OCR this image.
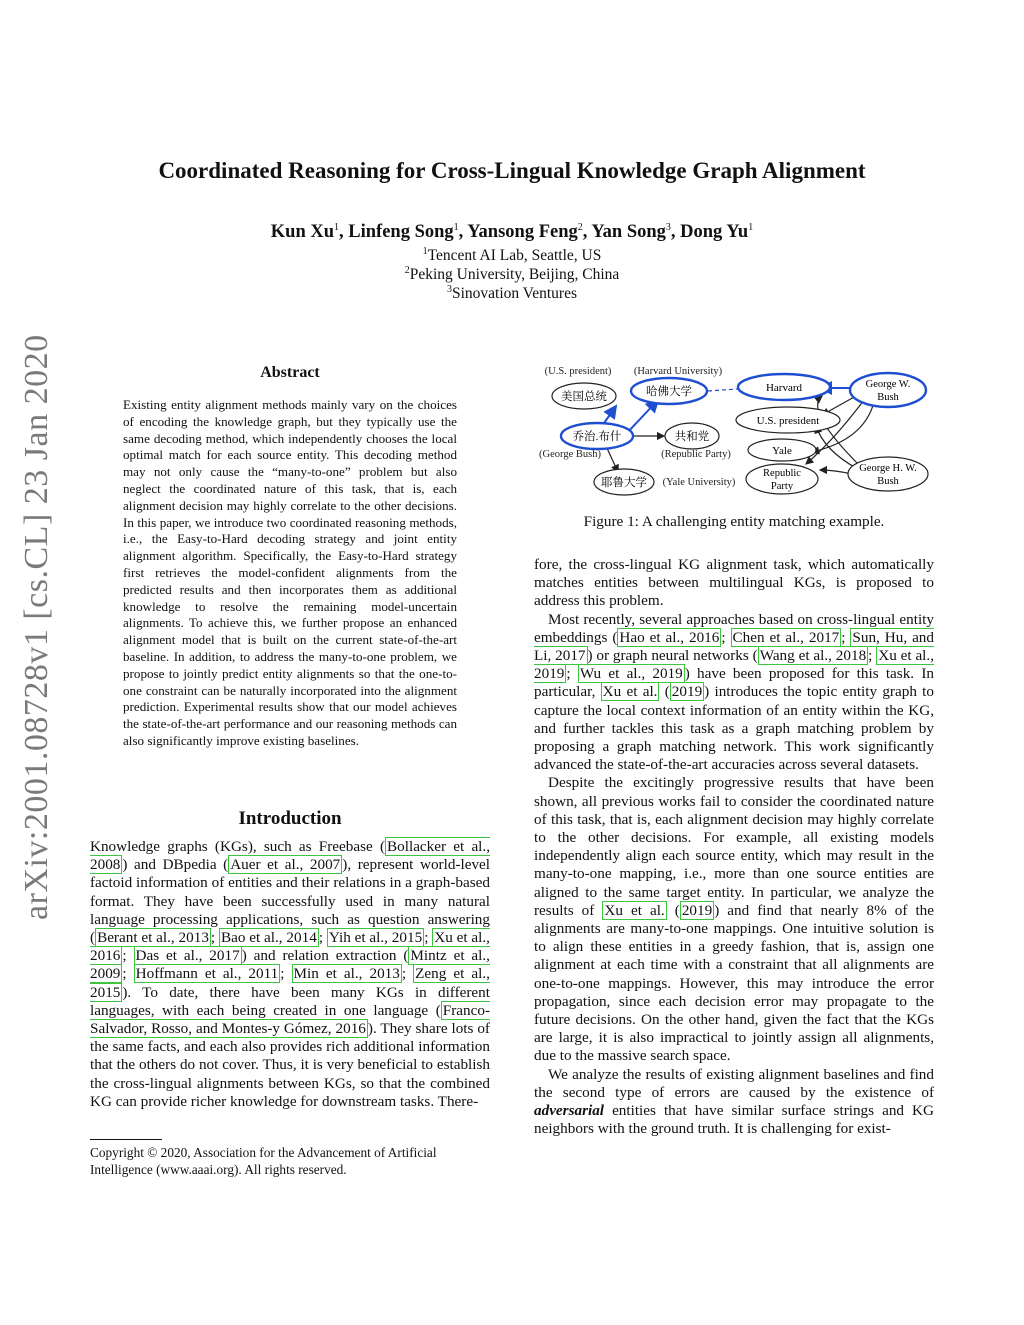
arXiv:2001.08728v1 [cs.CL] 23 Jan 2020
Coordinated Reasoning for Cross-Lingual Knowledge Graph Alignment
Kun Xu$^1$, Linfeng Song$^1$, Yansong Feng$^2$, Yan Song$^3$, Dong Yu$^1$
$^1$Tencent AI Lab, Seattle, US
$^2$Peking University, Beijing, China
$^3$Sinovation Ventures
Abstract
Existing entity alignment methods mainly vary on the choices of encoding the knowledge graph, but they typically use the same decoding method, which independently chooses the local optimal match for each source entity. This decoding method may not only cause the “many-to-one” problem but also neglect the coordinated nature of this task, that is, each alignment decision may highly correlate to the other decisions. In this paper, we introduce two coordinated reasoning methods, i.e., the Easy-to-Hard decoding strategy and joint entity alignment algorithm. Specifically, the Easy-to-Hard strategy first retrieves the model-confident alignments from the predicted results and then incorporates them as additional knowledge to resolve the remaining model-uncertain alignments. To achieve this, we further propose an enhanced alignment model that is built on the current state-of-the-art baseline. In addition, to address the many-to-one problem, we propose to jointly predict entity alignments so that the one-to-one constraint can be naturally incorporated into the alignment prediction. Experimental results show that our model achieves the state-of-the-art performance and our reasoning methods can also significantly improve existing baselines.
Introduction
Knowledge graphs (KGs), such as Freebase ( Bollacker et al., 2008 ) and DBpedia ( Auer et al., 2007 ), represent world-level factoid information of entities and their relations in a graph-based format. They have been successfully used in many natural language processing applications, such as question answering ( Berant et al., 2013 ; Bao et al., 2014 ; Yih et al., 2015 ; Xu et al., 2016 ; Das et al., 2017 ) and relation extraction ( Mintz et al., 2009 ; Hoffmann et al., 2011 ; Min et al., 2013 ; Zeng et al., 2015 ). To date, there have been many KGs in different languages, with each being created in one language ( Franco-Salvador, Rosso, and Montes-y Gómez, 2016 ). They share lots of the same facts, and each also provides rich additional information that the others do not cover. Thus, it is very beneficial to establish the cross-lingual alignments between KGs, so that the combined KG can provide richer knowledge for downstream tasks. There-
Copyright © 2020, Association for the Advancement of Artificial Intelligence (www.aaai.org). All rights reserved.
(U.S. president) (Harvard University)
(George Bush)	(Republic Party)
(Yale University)
美国总统	哈佛大学
乔治.布什	共和党
耶鲁大学
Harvard
U.S. president
Yale
Republic
Party
George W.
Bush
George H. W.
Bush
Figure 1: A challenging entity matching example.

fore, the cross-lingual KG alignment task, which automatically matches entities between multilingual KGs, is proposed to address this problem.

Most recently, several approaches based on cross-lingual entity embeddings ( Hao et al., 2016 ; Chen et al., 2017 ; Sun, Hu, and Li, 2017 ) or graph neural networks ( Wang et al., 2018 ; Xu et al., 2019 ; Wu et al., 2019 ) have been proposed for this task. In particular, Xu et al. ( 2019 ) introduces the topic entity graph to capture the local context information of an entity within the KG, and further tackles this task as a graph matching problem by proposing a graph matching network. This work significantly advanced the state-of-the-art accuracies across several datasets.

Despite the excitingly progressive results that have been shown, all previous works fail to consider the coordinated nature of this task, that is, each alignment decision may highly correlate to the other decisions. For example, all existing models independently align each source entity, which may result in the many-to-one mapping, i.e., more than one source entities are aligned to the same target entity. In particular, we analyze the results of Xu et al. ( 2019 ) and find that nearly 8% of the alignments are many-to-one mappings. One intuitive solution is to align these entities in a greedy fashion, that is, assign one alignment at each time with a constraint that all alignments are one-to-one mappings. However, this may introduce the error propagation, since each decision error may propagate to the future decisions. On the other hand, given the fact that the KGs are large, it is also impractical to jointly assign all alignments, due to the massive search space.

We analyze the results of existing alignment baselines and find the second type of errors are caused by the existence of adversarial entities that have similar surface strings and KG neighbors with the ground truth. It is challenging for exist-
